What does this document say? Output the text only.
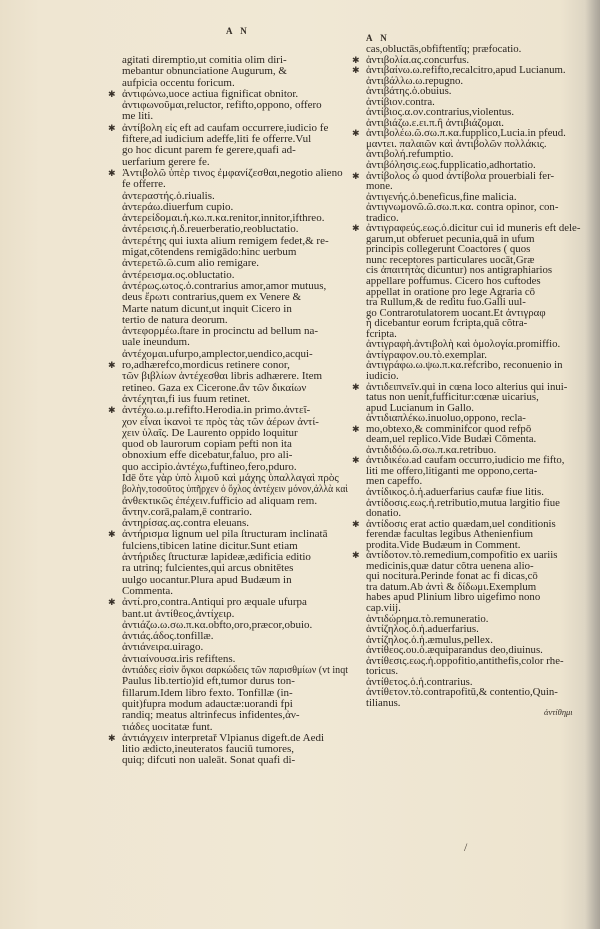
A N
A N
agitati diremptio,ut comitia olim diri-
mebantur obnunciatione Augurum, &
aufpicia occentu foricum.
✱ ἀντιφώνω,uoce actiua fignificat obnitor.
ἀντιφωνοῦμαι,reluctor, refifto,oppono, offero
me liti.
✱ ἀντίβολη εἰς eft ad caufam occurrere,iudicio fe
fiftere,ad iudicium adeffe,liti fe offerre.Vul
go hoc dicunt parem fe gerere,quafi ad-
uerfarium gerere fe.
✱ Ἀντιβολῶ ὑπὲρ τινος ἐμφανίζεσθαι,negotio alieno
fe offerre.
ἀντεραστής.ὁ.riualis.
ἀντεράω.diuerfum cupio.
ἀντερείδομαι.ἡ.κω.π.κα.renitor,innitor,ifthreo.
ἀντέρεισις.ἡ.δ.reuerberatio,reobluctatio.
ἀντερέτης qui iuxta alium remigem fedet,& re-
migat,cõtendens remigādo:hinc uerbum
ἀντερετῶ.ῶ.cum alio remigare.
ἀντέρεισμα.ος.obluctatio.
ἀντέρως.ωτος.ὁ.contrarius amor,amor mutuus,
deus ἔρωτι contrarius,quem ex Venere &
Marte natum dicunt,ut inquit Cicero in
tertio de natura deorum.
ἀντεφορμέω.ſtare in procinctu ad bellum na-
uale ineundum.
ἀντέχομαι.ufurpo,amplector,uendico,acqui-
✱ ro,adhærefco,mordicus retinere conor,
τῶν βιβλίων ἀντέχεσθαι libris adhærere. Item
retineo. Gaza ex Cicerone.ἂν τῶν δικαίων
ἀντέχηται,fi ius fuum retinet.
✱ ἀντέχω.ω.μ.refifto.Herodia.in primo.ἀντεῖ-
χον εἶναι ἱκανοὶ τε πρὸς τὰς τῶν ἀέρων ἀντί-
χειν ὑλαῖς. De Laurento oppido loquitur
quod ob laurorum copiam pefti non ita
obnoxium effe dicebatur,faluo, pro ali-
quo accipio.ἀντέχω,fuftineo,fero,pduro.
Idē ὅτε γὰρ ὑπὸ λιμοῦ καὶ μάχης ὑπαλλαγαὶ πρὸς
βολὴν,τοσοῦτος ὑπῆρχεν ὁ ὄχλος ἀντέχειν μόνον,ἀλλὰ καὶ
ἀνθεκτικῶς ἐπέχειν.fufficio ad aliquam rem.
ἄντην.corā,palam,ē contrario.
ἀντηρίσας.ας.contra eleuans.
✱ ἀντήρισμα lignum uel pila ſtructuram inclinatā
fulciens,tibicen latine dicitur.Sunt etiam
ἀντήριδες ſtructuræ lapideæ,ædificia editio
ra utrinq; fulcientes,qui arcus obnitētes
uulgo uocantur.Plura apud Budæum in
Commenta.
✱ ἀντί.pro,contra.Antiqui pro æquale ufurpa
bant.ut ἀντίθεος,ἀντίχειρ.
ἀντιάζω.ω.σω.π.κα.obfto,oro,præcor,obuio.
ἀντιάς.άδος.tonfillæ.
ἀντιάνειρα.uirago.
ἀντιαίνουσα.iris refiftens.
ἀντιάδες εἰσὶν ὄγκοι σαρκώδεις τῶν παρισθμίων (vt inqt
Paulus lib.tertio)id eft,tumor durus ton-
fillarum.Idem libro fexto. Tonfillæ (in-
quit)fupra modum adauctæ:uorandi fpi
randiq; meatus altrinfecus infidentes,ἀν-
τιάδες uocitatæ funt.
✱ ἀντιάγχειν interpretař Vlpianus digeft.de Aedi
litio ædicto,ineuteratos fauciū tumores,
quiq; difcuti non ualeāt. Sonat quafi di-
cas,obluctās,obfiftentīq; præfocatio.
✱ ἀντιβολία.ας.concurfus.
✱ ἀντιβαίνω.ω.refifto,recalcitro,apud Lucianum.
ἀντιβάλλω.ω.repugno.
ἀντιβάτης.ὁ.obuius.
ἀντίβιον.contra.
ἀντίβιος.α.ον.contrarius,violentus.
ἀντιβιάζω.ε.ει.π.ἢ ἀντιβιάζομαι.
✱ ἀντιβολέω.ῶ.σω.π.κα.fupplico,Lucia.in pfeud.
μαντει. παλαιῶν καὶ ἀντιβολῶν πολλάκις.
ἀντιβολή.refumptio.
ἀντιβόλησις.εως.fupplicatio,adhortatio.
✱ ἀντίβολος ὦ quod ἀντίβολα prouerbiali fer-
mone.
ἀντιγενής.ὁ.beneficus,fine malicia.
ἀντιγνωμονῶ.ῶ.σω.π.κα. contra opinor, con-
tradico.
✱ ἀντιγραφεύς.εως.ὁ.dicitur cui id muneris eft dele-
garum,ut obferuet pecunia,quã in ufum
principis collegerunt Coactores ( quos
nunc receptores particulares uocāt,Græ
cis ἀπαιτητὰς dicuntur) nos antigraphiarios
appellare poffumus. Cicero hos cuftodes
appellat in oratione pro lege Agraria cō
tra Rullum,& de reditu fuo.Galli uul-
go Contrarotulatorem uocant.Et ἀντιγραφ
ὴ dicebantur eorum fcripta,quã cõtra-
fcripta.
ἀντιγραφὴ.ἀντιβολὴ καὶ ὁμολογία.promiffio.
ἀντίγραφον.ου.τὸ.exemplar.
ἀντιγράφω.ω.ψω.π.κα.refcribo, reconuenio in
iudicio.
✱ ἀντιδειπνεῖν.qui in cœna loco alterius qui inui-
tatus non uenit,fufficitur:cœnæ uicarius,
apud Lucianum in Gallo.
ἀντιδιαπλέκω.inuoluo,oppono, recla-
✱ mo,obtexo,& comminifcor quod refpō
deam,uel replico.Vide Budæi Cōmenta.
ἀντιδιδόω.ῶ.σω.π.κα.retribuo.
✱ ἀντιδικέω.ad caufam occurro,iudicio me fifto,
liti me offero,litiganti me oppono,certa-
men capeffo.
ἀντίδικος.ὁ.ἡ.aduerfarius caufæ fiue litis.
ἀντίδοσις.εως.ἡ.retributio,mutua largitio fiue
donatio.
✱ ἀντίδοσις erat actio quædam,uel conditionis
ferendæ facultas legibus Athenienfium
prodita.Vide Budæum in Comment.
✱ ἀντίδοτον.τὸ.remedium,compofitio ex uariis
medicinis,quæ datur cõtra uenena alio-
qui nocitura.Perinde fonat ac fi dicas,cō
tra datum.Ab ἀντὶ & δίδωμι.Exemplum
habes apud Plinium libro uigefimo nono
cap.viij.
ἀντιδώρημα.τὸ.remuneratio.
ἀντίζηλος.ὁ.ἡ.aduerfarius.
ἀντίζηλος.ὁ.ἡ.æmulus,pellex.
ἀντίθεος.ου.ὁ.æquiparandus deo,diuinus.
ἀντίθεσις.εως.ἡ.oppofitio,antithefis,color rhe-
toricus.
ἀντίθετος.ὁ.ἡ.contrarius.
ἀντίθετον.τὸ.contrapofitū,& contentio,Quin-
tilianus.
ἀντίθημι
/
